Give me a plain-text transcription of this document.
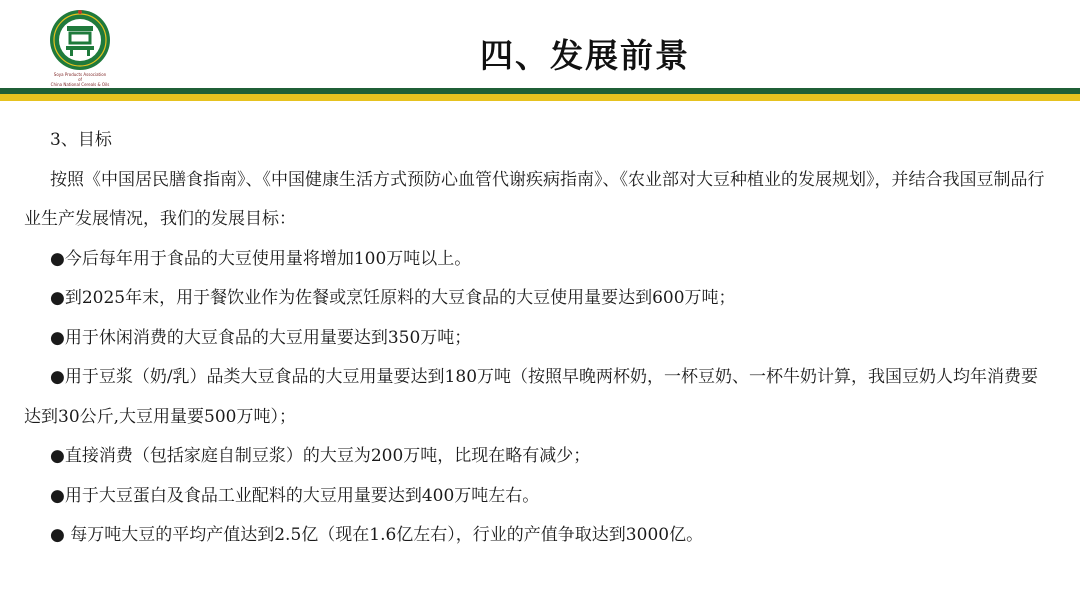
Soya Products Association
of
China National Cereals & Oils
四、发展前景

3、目标

按照《中国居民膳食指南》、《中国健康生活方式预防心血管代谢疾病指南》、《农业部对大豆种植业的发展规划》，并结合我国豆制品行业生产发展情况，我们的发展目标：

●今后每年用于食品的大豆使用量将增加100万吨以上。

●到2025年末，用于餐饮业作为佐餐或烹饪原料的大豆食品的大豆使用量要达到600万吨；

●用于休闲消费的大豆食品的大豆用量要达到350万吨；

●用于豆浆（奶/乳）品类大豆食品的大豆用量要达到180万吨（按照早晚两杯奶，一杯豆奶、一杯牛奶计算，我国豆奶人均年消费要达到30公斤,大豆用量要500万吨）；

●直接消费（包括家庭自制豆浆）的大豆为200万吨，比现在略有减少；

●用于大豆蛋白及食品工业配料的大豆用量要达到400万吨左右。

● 每万吨大豆的平均产值达到2.5亿（现在1.6亿左右），行业的产值争取达到3000亿。
